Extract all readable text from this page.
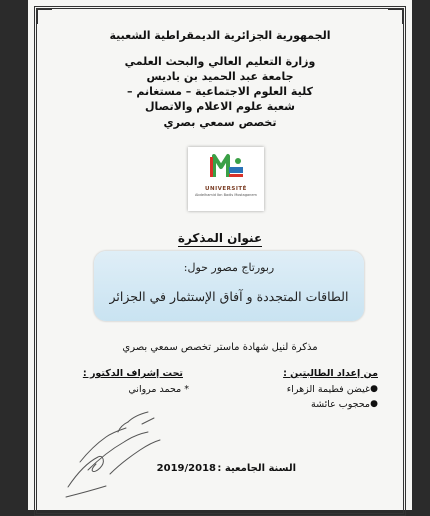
الجمهورية الجزائرية الديمقراطية الشعبية
وزارة التعليم العالي والبحث العلمي
جامعة عبد الحميد بن باديس
كلية العلوم الاجتماعية – مستغانم –
شعبة علوم الاعلام والاتصال
تخصص سمعي بصري
UNIVERSITÉ
Abdelhamid Ibn Badis Mostaganem
عنوان المذكرة
ربورتاج مصور حول:
الطاقات المتجددة و آفاق الإستثمار في الجزائر
مذكرة لنيل شهادة ماستر تخصص سمعي بصري
من إعداد الطالبتين :
●
غيضن فطيمة الزهراء
●
محجوب عائشة
تحت إشراف الدكتور :
* محمد مرواني
السنة الجامعية :
2019/2018
